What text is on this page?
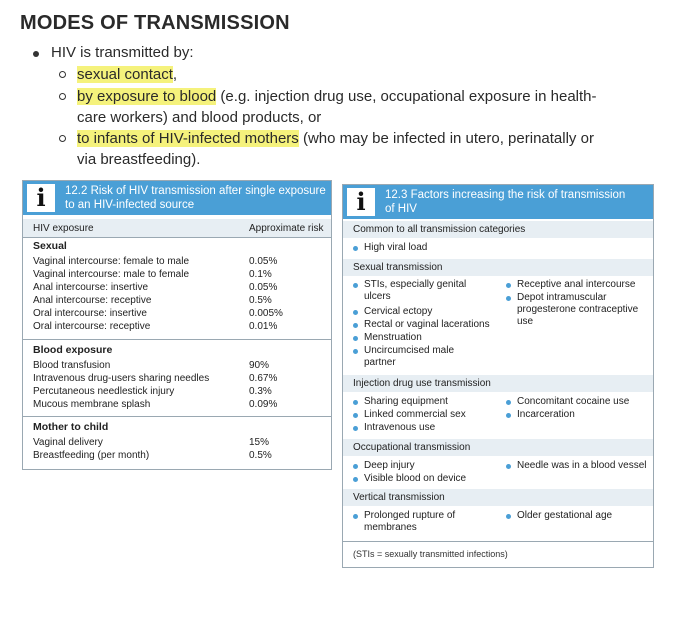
MODES OF TRANSMISSION
HIV is transmitted by:
sexual contact,
by exposure to blood (e.g. injection drug use, occupational exposure in health-care workers) and blood products, or
to infants of HIV-infected mothers (who may be infected in utero, perinatally or via breastfeeding).
i	12.2 Risk of HIV transmission after single exposure
to an HIV-infected source
HIV exposure	Approximate risk
Sexual
Vaginal intercourse: female to male	0.05%
Vaginal intercourse: male to female	0.1%
Anal intercourse: insertive	0.05%
Anal intercourse: receptive	0.5%
Oral intercourse: insertive	0.005%
Oral intercourse: receptive	0.01%
Blood exposure
Blood transfusion	90%
Intravenous drug-users sharing needles	0.67%
Percutaneous needlestick injury	0.3%
Mucous membrane splash	0.09%
Mother to child
Vaginal delivery	15%
Breastfeeding (per month)	0.5%
i	12.3 Factors increasing the risk of transmission
of HIV
Common to all transmission categories
High viral load
Sexual transmission
STIs, especially genital ulcers
Cervical ectopy
Rectal or vaginal lacerations
Menstruation
Uncircumcised male partner
Receptive anal intercourse
Depot intramuscular progesterone contraceptive use
Injection drug use transmission
Sharing equipment
Linked commercial sex
Intravenous use
Concomitant cocaine use
Incarceration
Occupational transmission
Deep injury
Visible blood on device
Needle was in a blood vessel
Vertical transmission
Prolonged rupture of membranes
Older gestational age
(STIs = sexually transmitted infections)
